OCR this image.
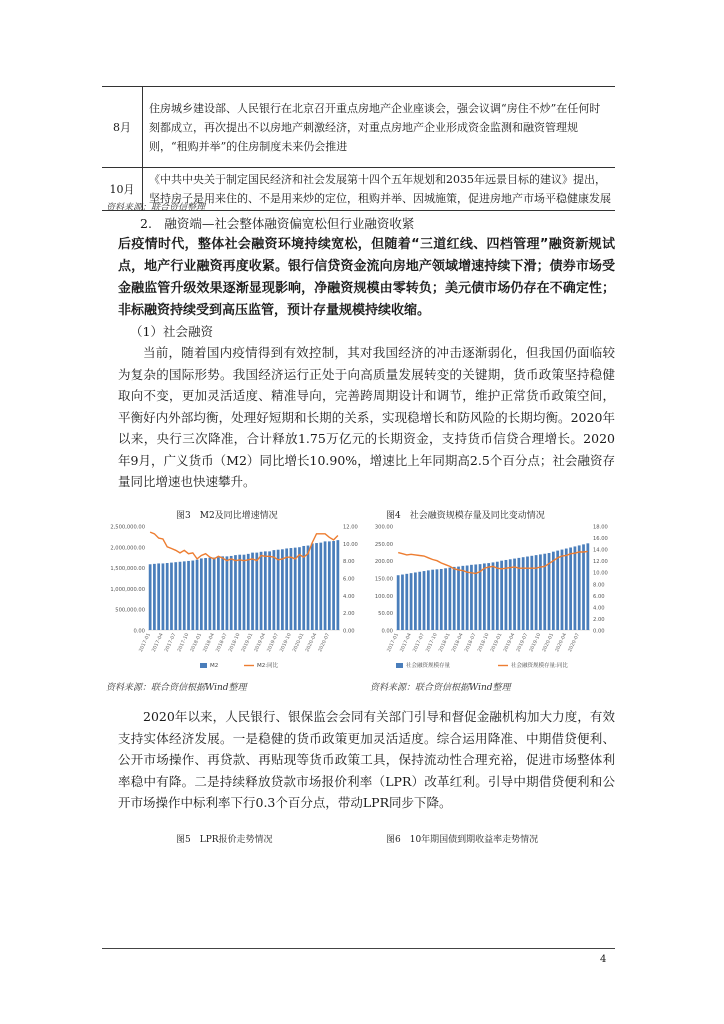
8月	住房城乡建设部、人民银行在北京召开重点房地产企业座谈会，强会议调“房住不炒”在任何时刻都成立，再次提出不以房地产刺激经济，对重点房地产企业形成资金监测和融资管理规则，“租购并举”的住房制度未来仍会推进
10月	《中共中央关于制定国民经济和社会发展第十四个五年规划和2035年远景目标的建议》提出，坚持房子是用来住的、不是用来炒的定位，租购并举、因城施策，促进房地产市场平稳健康发展
资料来源：联合资信整理
2.　融资端—社会整体融资偏宽松但行业融资收紧
后疫情时代，整体社会融资环境持续宽松，但随着“三道红线、四档管理”融资新规试点，地产行业融资再度收紧。银行信贷资金流向房地产领域增速持续下滑；债券市场受金融监管升级效果逐渐显现影响，净融资规模由零转负；美元债市场仍存在不确定性；非标融资持续受到高压监管，预计存量规模持续收缩。
（1）社会融资
当前，随着国内疫情得到有效控制，其对我国经济的冲击逐渐弱化，但我国仍面临较为复杂的国际形势。我国经济运行正处于向高质量发展转变的关键期，货币政策坚持稳健取向不变，更加灵活适度、精准导向，完善跨周期设计和调节，维护正常货币政策空间，平衡好内外部均衡，处理好短期和长期的关系，实现稳增长和防风险的长期均衡。2020年以来，央行三次降准，合计释放1.75万亿元的长期资金，支持货币信贷合理增长。2020年9月，广义货币（M2）同比增长10.90%，增速比上年同期高2.5个百分点；社会融资存量同比增速也快速攀升。
图3　M2及同比增速情况
2,500,000.00
2,000,000.00
1,500,000.00
1,000,000.00
500,000.00
0.00
12.00
10.00
8.00
6.00
4.00
2.00
0.00
2017-01 2017-04 2017-07 2017-10 2018-01 2018-04 2018-07 2018-10 2019-01 2019-04 2019-07 2019-10 2020-01 2020-04 2020-07
M2	M2:同比
资料来源：联合资信根据Wind整理
图4　社会融资规模存量及同比变动情况
300.00
250.00
200.00
150.00
100.00
50.00
0.00
18.00
16.00
14.00
12.00
10.00
8.00
6.00
4.00
2.00
0.00
2017-01 2017-04 2017-07 2017-10 2018-01 2018-04 2018-07 2018-10 2019-01 2019-04 2019-07 2019-10 2020-01 2020-04 2020-07
社会融资规模存量	社会融资规模存量:同比
资料来源：联合资信根据Wind整理
2020年以来，人民银行、银保监会会同有关部门引导和督促金融机构加大力度，有效支持实体经济发展。一是稳健的货币政策更加灵活适度。综合运用降准、中期借贷便利、公开市场操作、再贷款、再贴现等货币政策工具，保持流动性合理充裕，促进市场整体利率稳中有降。二是持续释放贷款市场报价利率（LPR）改革红利。引导中期借贷便利和公开市场操作中标利率下行0.3个百分点，带动LPR同步下降。
图5　LPR报价走势情况	图6　10年期国债到期收益率走势情况
4
